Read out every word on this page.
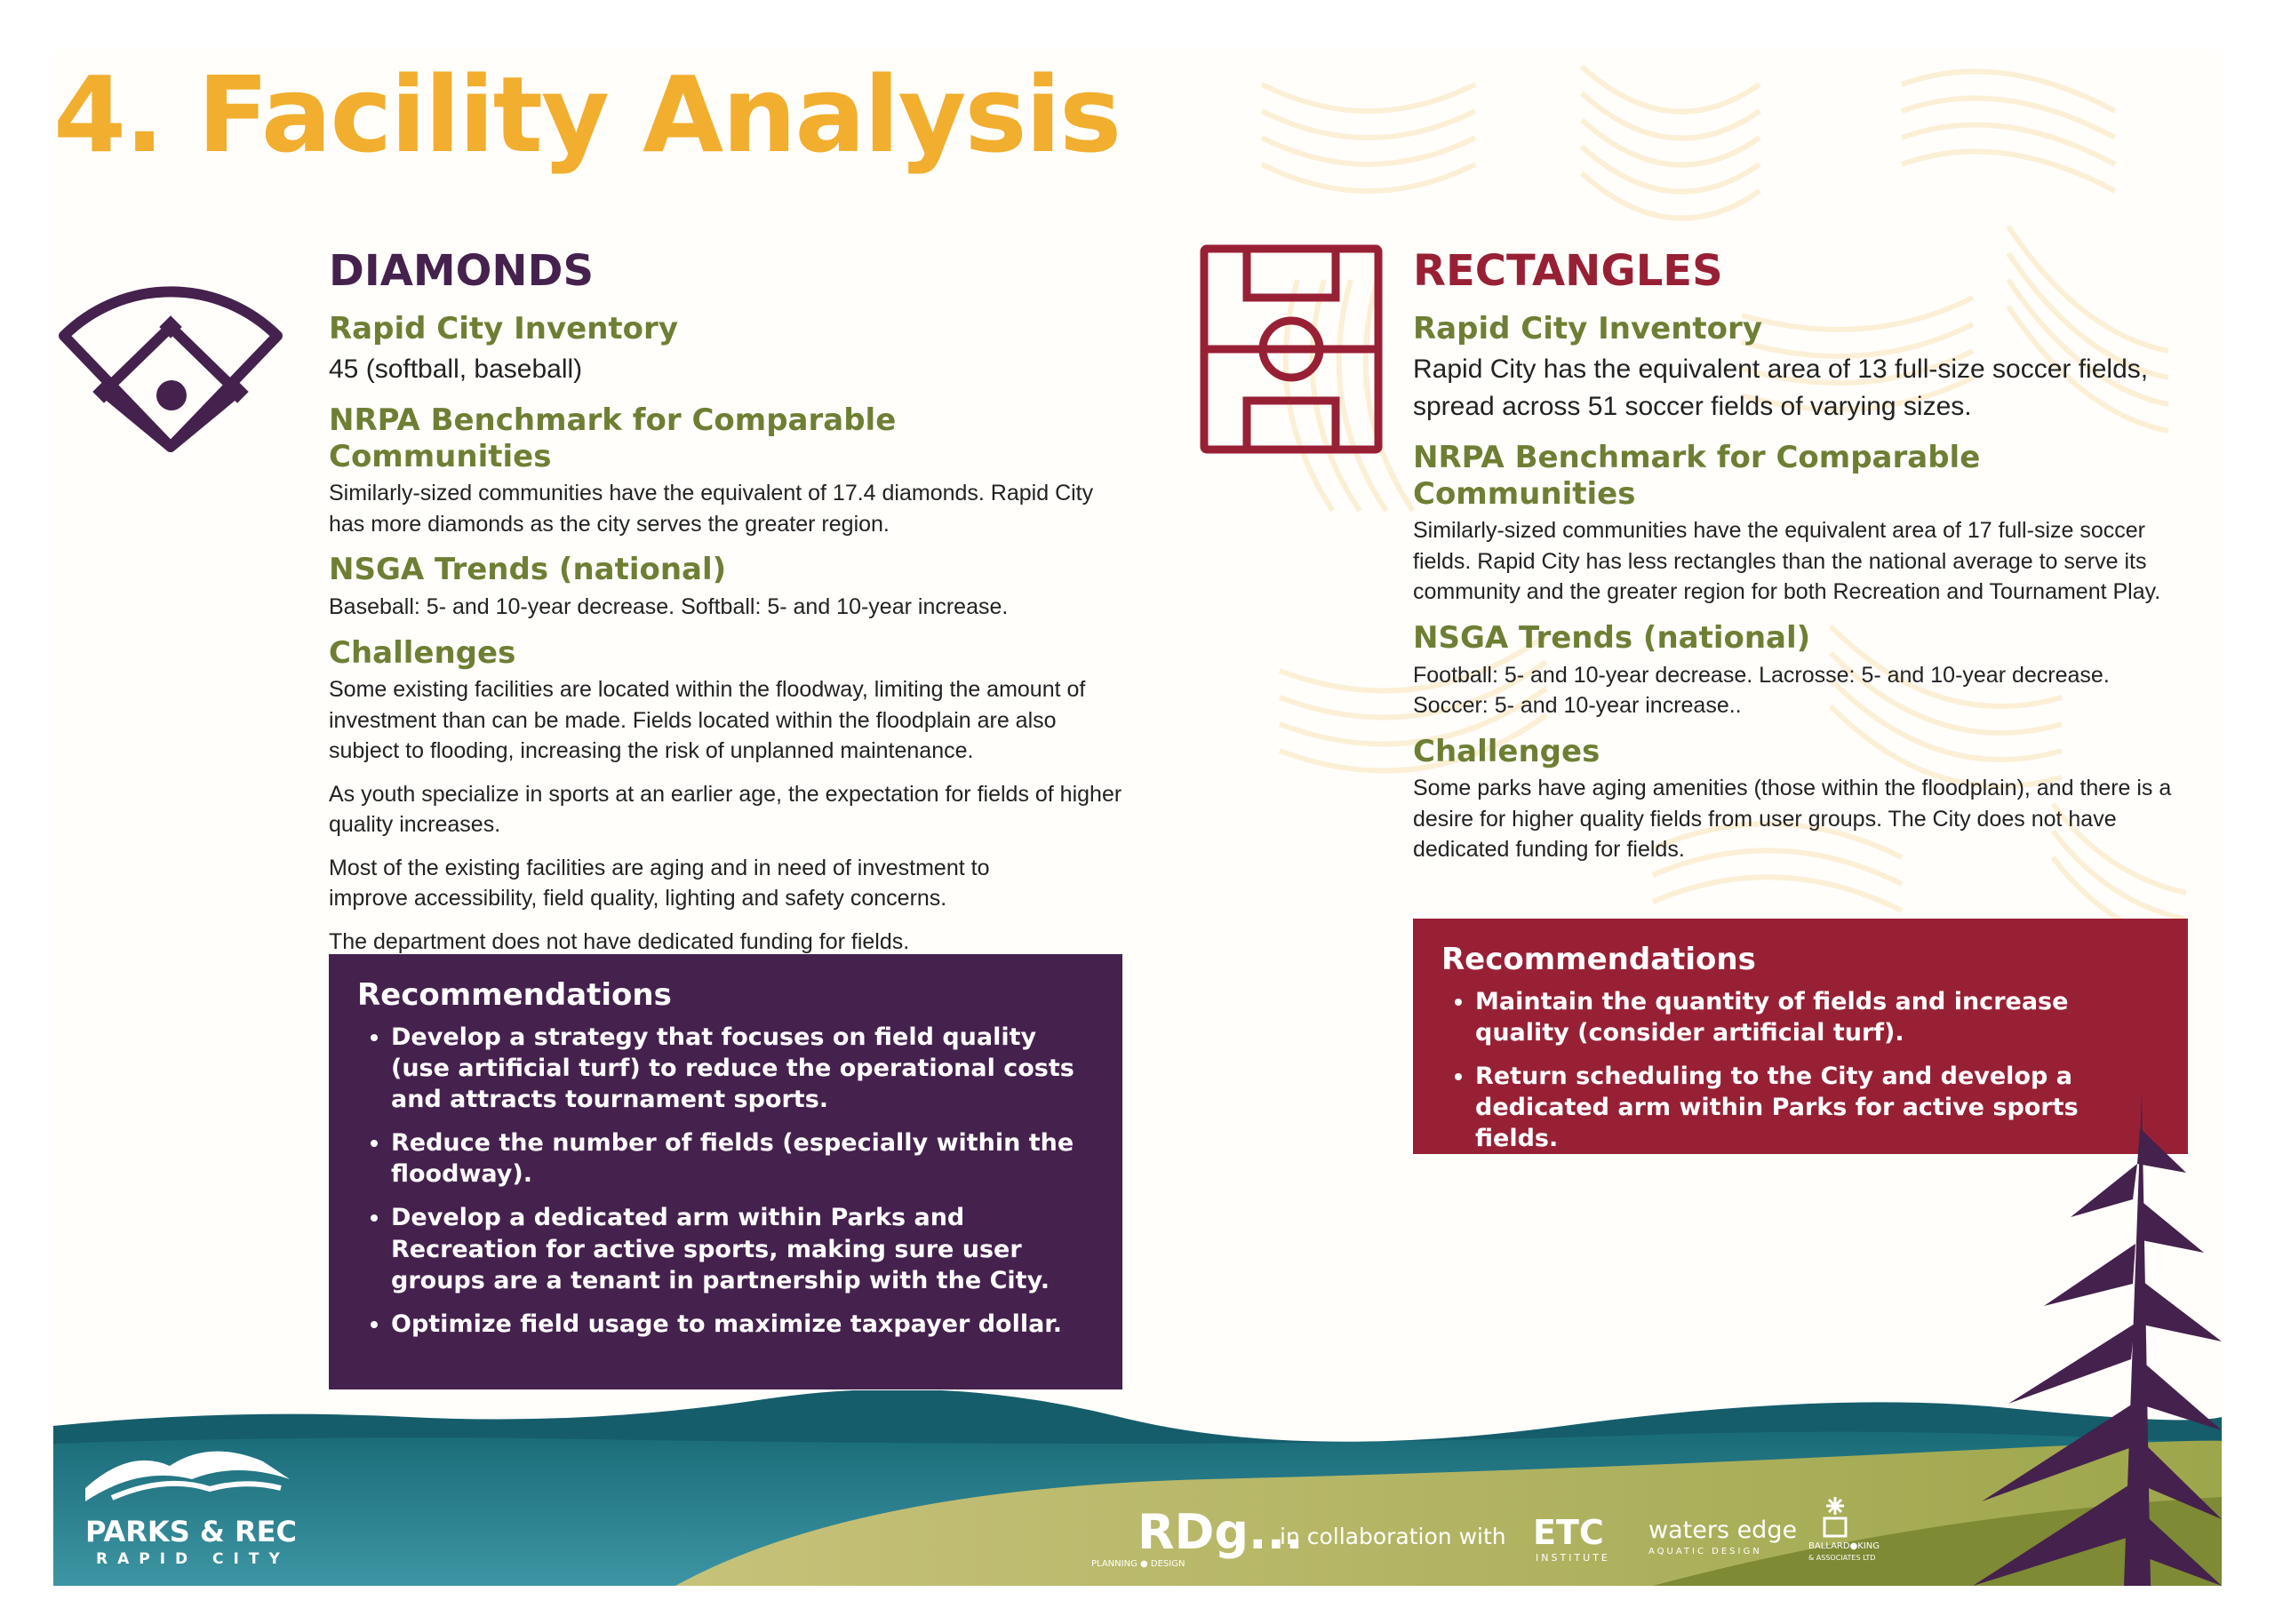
4. Facility Analysis
DIAMONDS
Rapid City Inventory

45 (softball, baseball)

NRPA Benchmark for Comparable Communities

Similarly-sized communities have the equivalent of 17.4 diamonds. Rapid City has more diamonds as the city serves the greater region.

NSGA Trends (national)

Baseball: 5- and 10-year decrease. Softball: 5- and 10-year increase.

Challenges

Some existing facilities are located within the floodway, limiting the amount of investment than can be made. Fields located within the floodplain are also subject to flooding, increasing the risk of unplanned maintenance.

As youth specialize in sports at an earlier age, the expectation for fields of higher quality increases.

Most of the existing facilities are aging and in need of investment to improve accessibility, field quality, lighting and safety concerns.

The department does not have dedicated funding for fields.

Recommendations
• Develop a strategy that focuses on field quality (use artificial turf) to reduce the operational costs and attracts tournament sports.
• Reduce the number of fields (especially within the floodway).
• Develop a dedicated arm within Parks and Recreation for active sports, making sure user groups are a tenant in partnership with the City.
• Optimize field usage to maximize taxpayer dollar.
RECTANGLES
Rapid City Inventory

Rapid City has the equivalent area of 13 full-size soccer fields, spread across 51 soccer fields of varying sizes.

NRPA Benchmark for Comparable Communities

Similarly-sized communities have the equivalent area of 17 full-size soccer fields. Rapid City has less rectangles than the national average to serve its community and the greater region for both Recreation and Tournament Play.

NSGA Trends (national)

Football: 5- and 10-year decrease. Lacrosse: 5- and 10-year decrease.
Soccer: 5- and 10-year increase..

Challenges

Some parks have aging amenities (those within the floodplain), and there is a desire for higher quality fields from user groups. The City does not have dedicated funding for fields.

Recommendations
• Maintain the quantity of fields and increase quality (consider artificial turf).
• Return scheduling to the City and develop a dedicated arm within Parks for active sports fields.
PARKS & REC
RAPID CITY	RDg...
PLANNING ● DESIGN
in collaboration with ETC
INSTITUTE
waters edge
AQUATIC DESIGN
BALLARD●KING
& ASSOCIATES LTD
